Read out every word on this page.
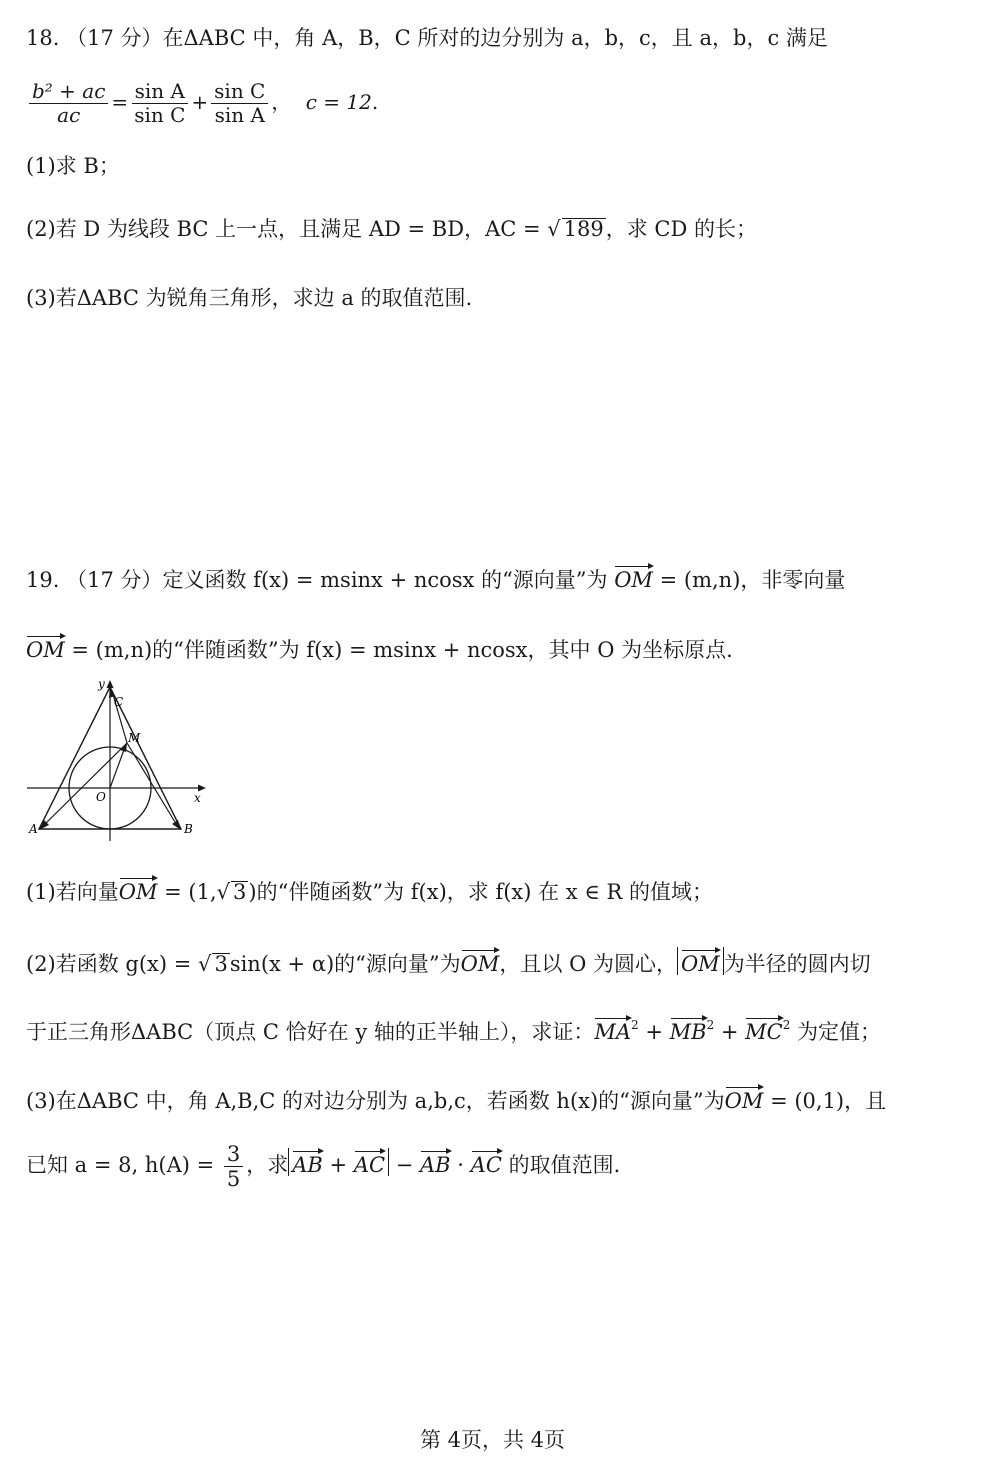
18. （17 分）在ΔABC 中，角 A，B，C 所对的边分别为 a，b，c，且 a，b，c 满足
$\frac{\text{b² + ac}}{ac} = \frac{\text{sin A}}{\text{sin C}} + \frac{\text{sin C}}{\text{sin A}}$ ， c = 12.
(1)求 B；
(2)若 D 为线段 BC 上一点，且满足 AD = BD，AC = √ 189，求 CD 的长；
(3)若ΔABC 为锐角三角形，求边 a 的取值范围.
19. （17 分）定义函数 f(x) = msinx + ncosx 的“源向量”为 OM = (m,n)，非零向量
OM = (m,n)的“伴随函数”为 f(x) = msinx + ncosx，其中 O 为坐标原点.
y
x
O
A	B
C
M
(1)若向量OM = (1,√ 3)的“伴随函数”为 f(x)，求 f(x) 在 x ∈ R 的值域；
(2)若函数 g(x) = √ 3sin(x + α)的“源向量”为OM，且以 O 为圆心， OM 为半径的圆内切
于正三角形ΔABC（顶点 C 恰好在 y 轴的正半轴上），求证：$MA^2 + MB^2 + MC^2$ 为定值；
(3)在ΔABC 中，角 A,B,C 的对边分别为 a,b,c，若函数 h(x)的“源向量”为OM = (0,1)，且
已知 a = 8, $h(A) = \frac{3}{5}$ ，求 AB + AC − AB · AC 的取值范围.
第 4页，共 4页
